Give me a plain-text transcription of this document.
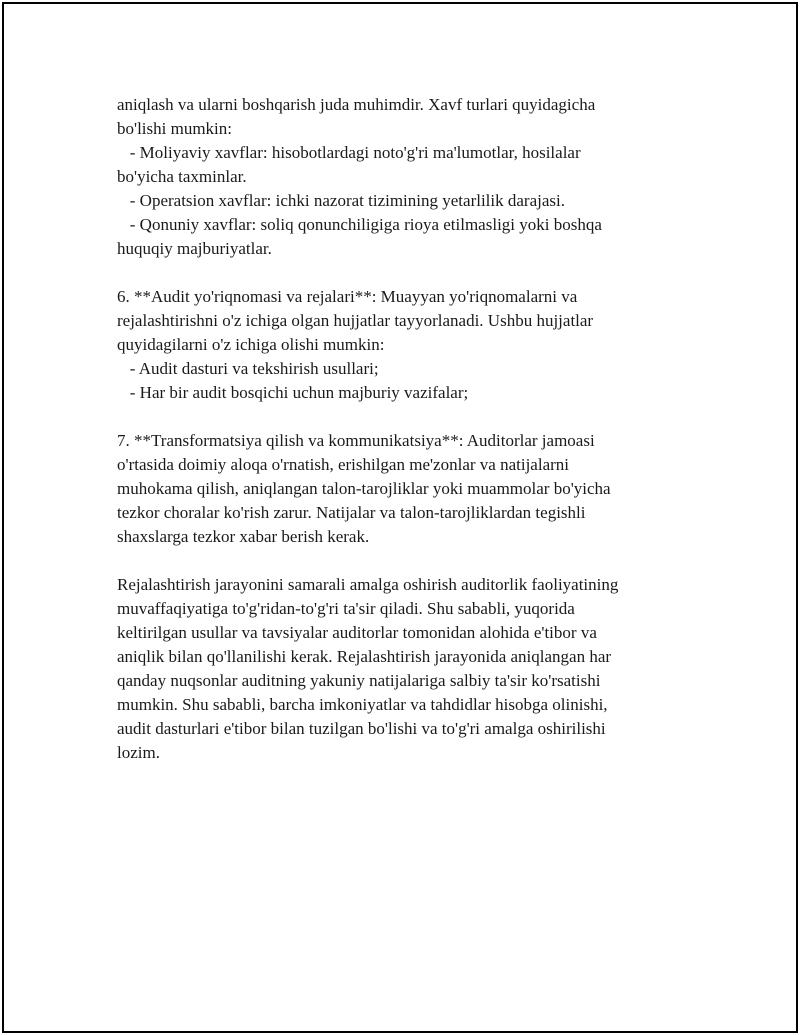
aniqlash va ularni boshqarish juda muhimdir. Xavf turlari quyidagicha
bo'lishi mumkin:
- Moliyaviy xavflar: hisobotlardagi noto'g'ri ma'lumotlar, hosilalar
bo'yicha taxminlar.
- Operatsion xavflar: ichki nazorat tizimining yetarlilik darajasi.
- Qonuniy xavflar: soliq qonunchiligiga rioya etilmasligi yoki boshqa
huquqiy majburiyatlar.
6. **Audit yo'riqnomasi va rejalari**: Muayyan yo'riqnomalarni va
rejalashtirishni o'z ichiga olgan hujjatlar tayyorlanadi. Ushbu hujjatlar
quyidagilarni o'z ichiga olishi mumkin:
- Audit dasturi va tekshirish usullari;
- Har bir audit bosqichi uchun majburiy vazifalar;
7. **Transformatsiya qilish va kommunikatsiya**: Auditorlar jamoasi
o'rtasida doimiy aloqa o'rnatish, erishilgan me'zonlar va natijalarni
muhokama qilish, aniqlangan talon-tarojliklar yoki muammolar bo'yicha
tezkor choralar ko'rish zarur. Natijalar va talon-tarojliklardan tegishli
shaxslarga tezkor xabar berish kerak.
Rejalashtirish jarayonini samarali amalga oshirish auditorlik faoliyatining
muvaffaqiyatiga to'g'ridan-to'g'ri ta'sir qiladi. Shu sababli, yuqorida
keltirilgan usullar va tavsiyalar auditorlar tomonidan alohida e'tibor va
aniqlik bilan qo'llanilishi kerak. Rejalashtirish jarayonida aniqlangan har
qanday nuqsonlar auditning yakuniy natijalariga salbiy ta'sir ko'rsatishi
mumkin. Shu sababli, barcha imkoniyatlar va tahdidlar hisobga olinishi,
audit dasturlari e'tibor bilan tuzilgan bo'lishi va to'g'ri amalga oshirilishi
lozim.
